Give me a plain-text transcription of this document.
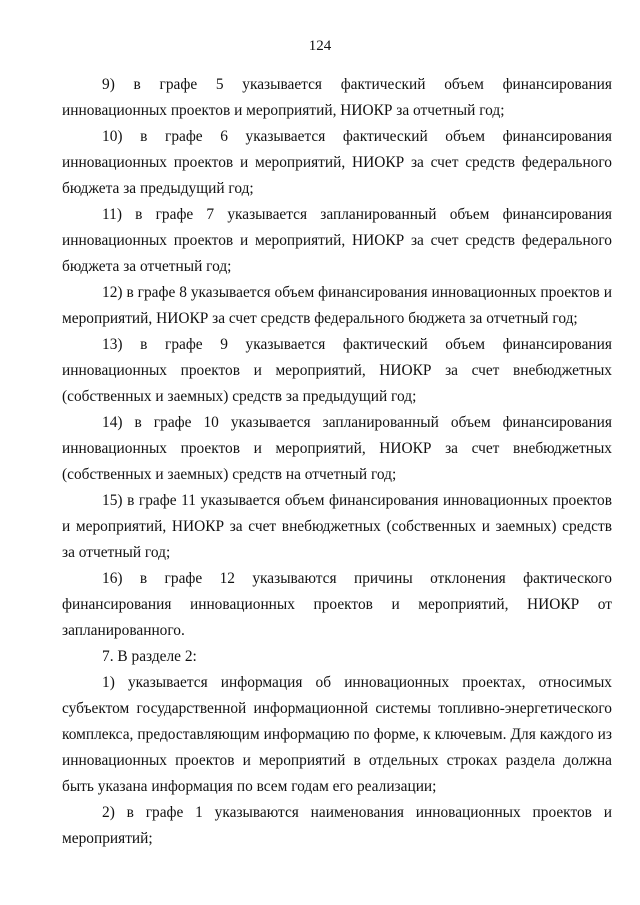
124

9) в графе 5 указывается фактический объем финансирования инновационных проектов и мероприятий, НИОКР за отчетный год;

10) в графе 6 указывается фактический объем финансирования инновационных проектов и мероприятий, НИОКР за счет средств федерального бюджета за предыдущий год;

11) в графе 7 указывается запланированный объем финансирования инновационных проектов и мероприятий, НИОКР за счет средств федерального бюджета за отчетный год;

12) в графе 8 указывается объем финансирования инновационных проектов и мероприятий, НИОКР за счет средств федерального бюджета за отчетный год;

13) в графе 9 указывается фактический объем финансирования инновационных проектов и мероприятий, НИОКР за счет внебюджетных (собственных и заемных) средств за предыдущий год;

14) в графе 10 указывается запланированный объем финансирования инновационных проектов и мероприятий, НИОКР за счет внебюджетных (собственных и заемных) средств на отчетный год;

15) в графе 11 указывается объем финансирования инновационных проектов и мероприятий, НИОКР за счет внебюджетных (собственных и заемных) средств за отчетный год;

16) в графе 12 указываются причины отклонения фактического финансирования инновационных проектов и мероприятий, НИОКР от запланированного.

7. В разделе 2:

1) указывается информация об инновационных проектах, относимых субъектом государственной информационной системы топливно-энергетического комплекса, предоставляющим информацию по форме, к ключевым. Для каждого из инновационных проектов и мероприятий в отдельных строках раздела должна быть указана информация по всем годам его реализации;

2) в графе 1 указываются наименования инновационных проектов и мероприятий;
